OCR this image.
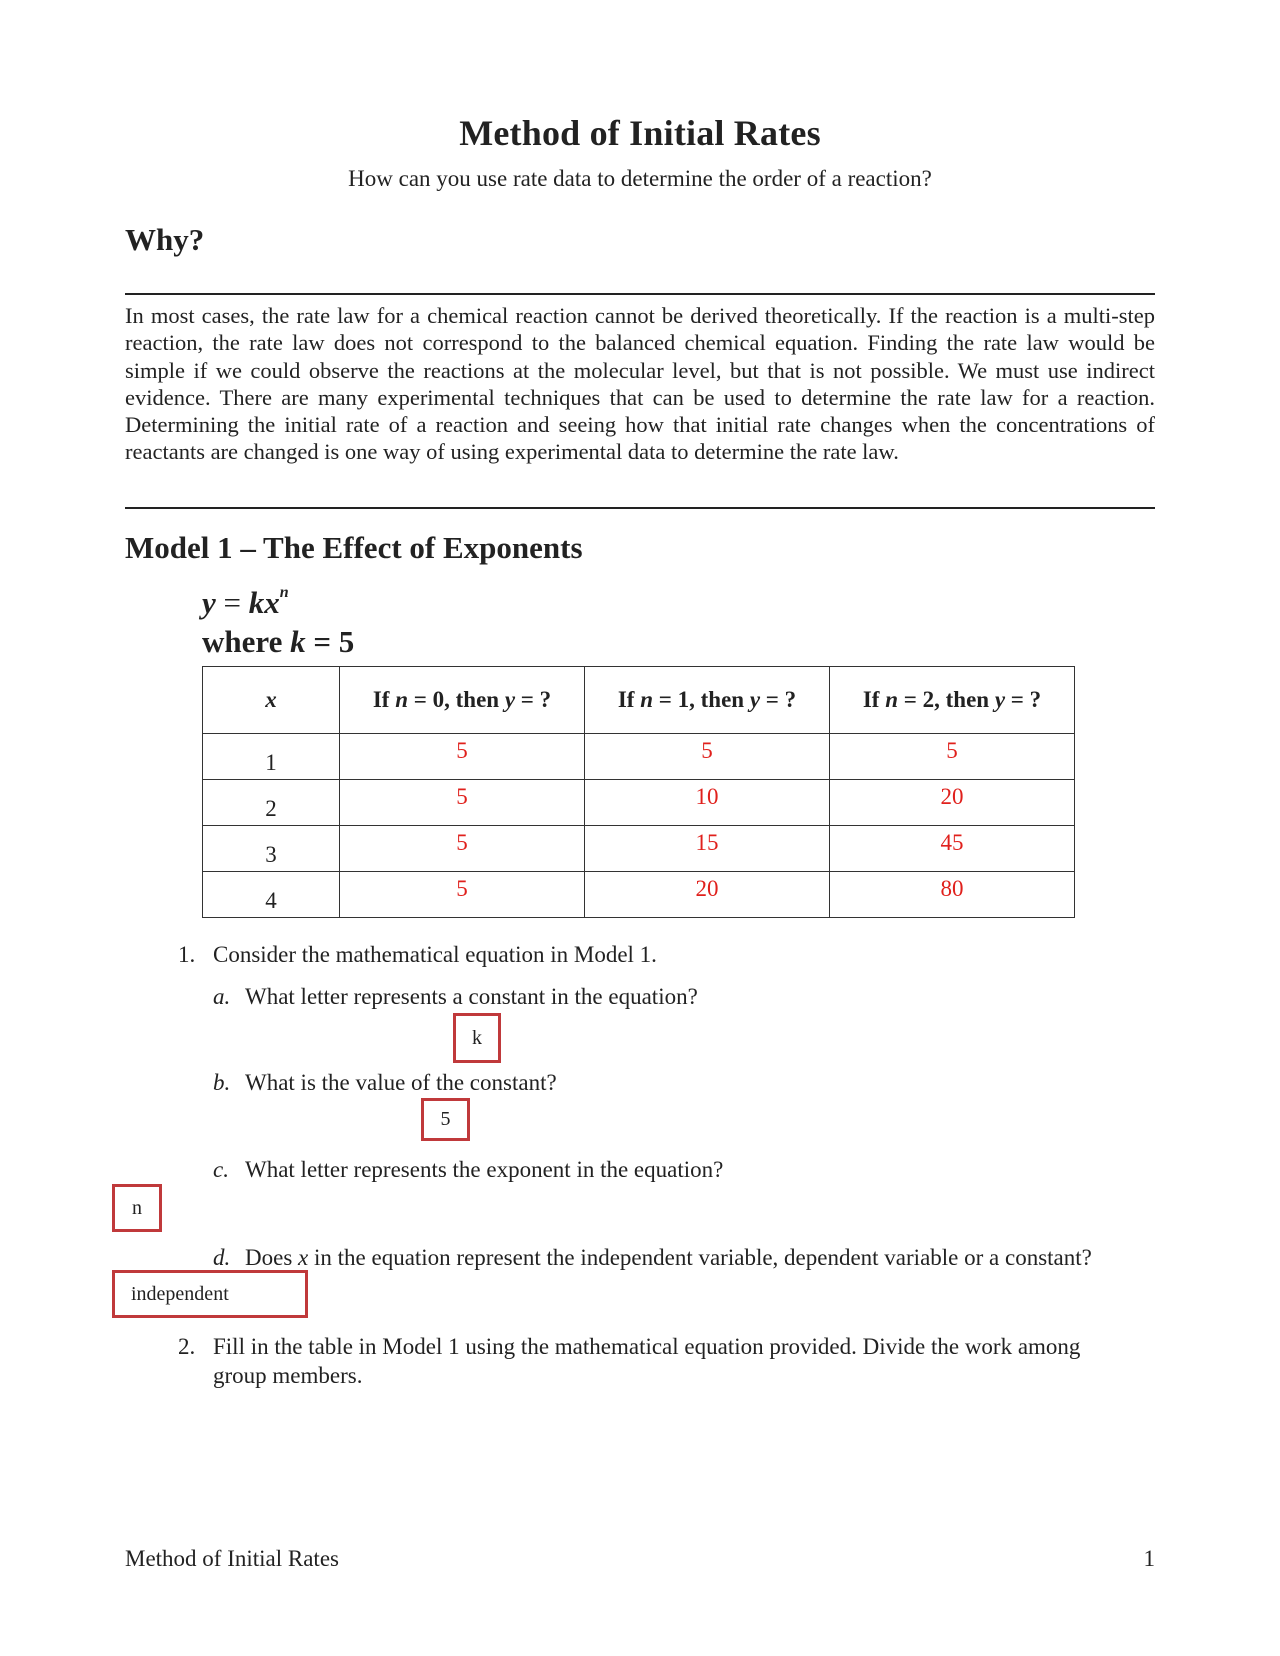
Method of Initial Rates
How can you use rate data to determine the order of a reaction?
Why?
In most cases, the rate law for a chemical reaction cannot be derived theoretically. If the reaction is a multi-step reaction, the rate law does not correspond to the balanced chemical equation. Finding the rate law would be simple if we could observe the reactions at the molecular level, but that is not possible. We must use indirect evidence. There are many experimental techniques that can be used to determine the rate law for a reaction. Determining the initial rate of a reaction and seeing how that initial rate changes when the concentrations of reactants are changed is one way of using experimental data to determine the rate law.
Model 1 – The Effect of Exponents
$y = kx^n$
where k = 5
x	If n = 0, then y = ?	If n = 1, then y = ?	If n = 2, then y = ?

1	5	5	5

2	5	10	20

3	5	15	45

4	5	20	80
1. Consider the mathematical equation in Model 1.
a. What letter represents a constant in the equation?
k
b. What is the value of the constant?
5
c. What letter represents the exponent in the equation?
n
d. Does x in the equation represent the independent variable, dependent variable or a constant?
independent
2. Fill in the table in Model 1 using the mathematical equation provided. Divide the work among group members.
Method of Initial Rates	1
